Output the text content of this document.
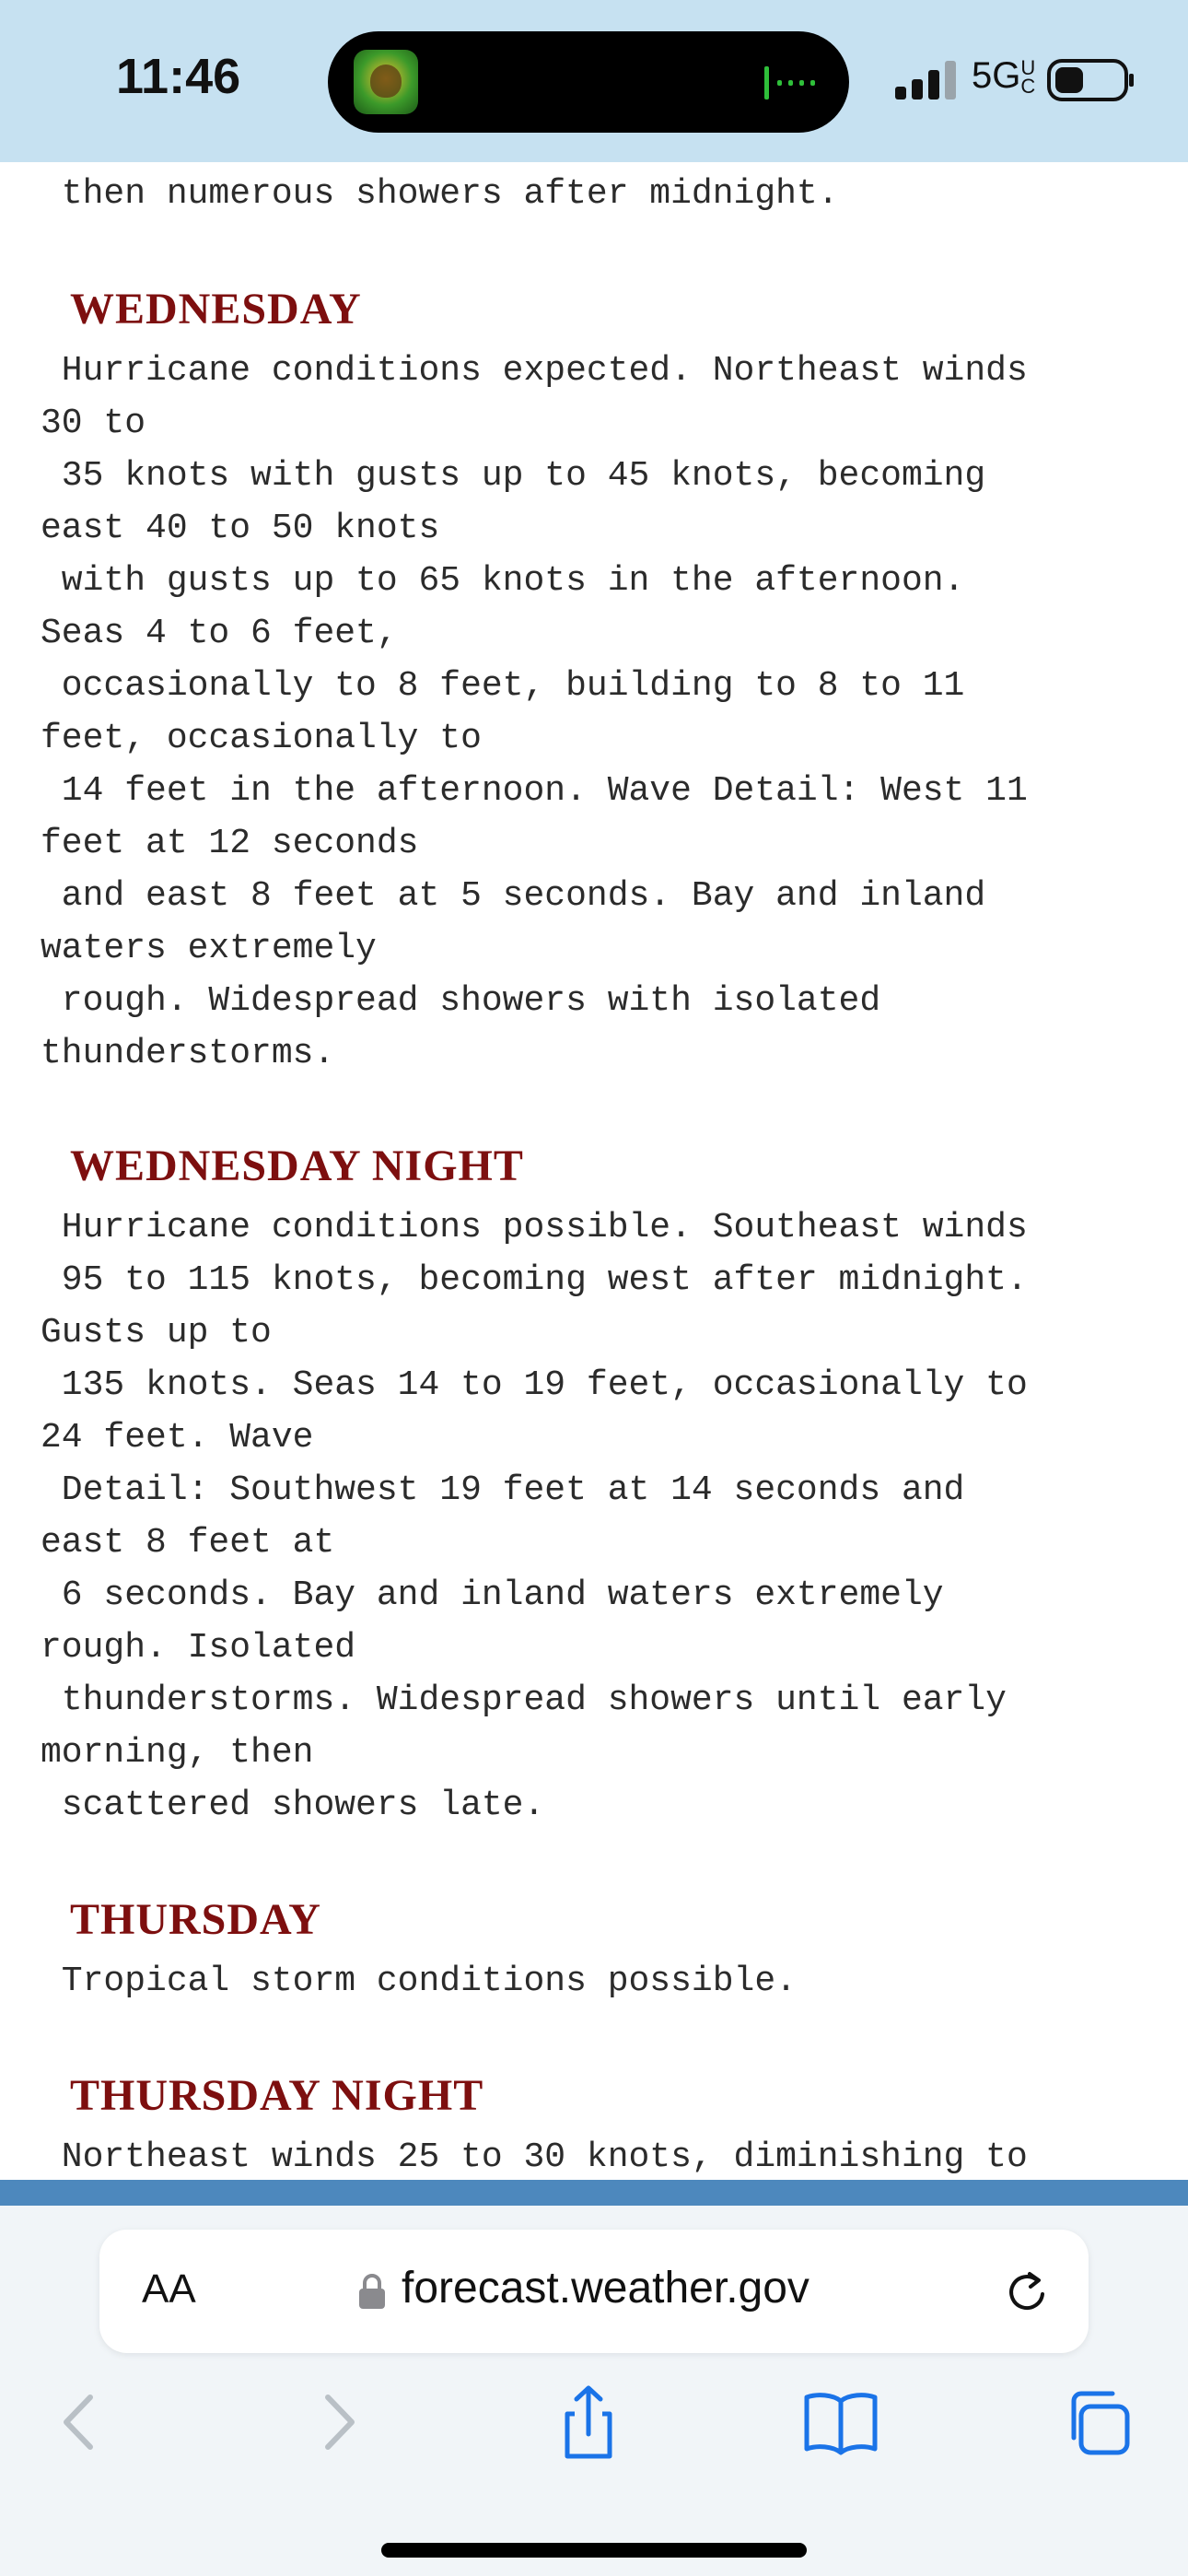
11:46	5GUC

then numerous showers after midnight.

Hurricane conditions expected. Northeast winds

30 to

35 knots with gusts up to 45 knots, becoming

east 40 to 50 knots

with gusts up to 65 knots in the afternoon.

Seas 4 to 6 feet,

occasionally to 8 feet, building to 8 to 11

feet, occasionally to

14 feet in the afternoon. Wave Detail: West 11

feet at 12 seconds

and east 8 feet at 5 seconds. Bay and inland

waters extremely

rough. Widespread showers with isolated

thunderstorms.

Hurricane conditions possible. Southeast winds

95 to 115 knots, becoming west after midnight.

Gusts up to

135 knots. Seas 14 to 19 feet, occasionally to

24 feet. Wave

Detail: Southwest 19 feet at 14 seconds and

east 8 feet at

6 seconds. Bay and inland waters extremely

rough. Isolated

thunderstorms. Widespread showers until early

morning, then

scattered showers late.

Tropical storm conditions possible.

Northeast winds 25 to 30 knots, diminishing to

WEDNESDAY
WEDNESDAY NIGHT
THURSDAY
THURSDAY NIGHT
AA	forecast.weather.gov
